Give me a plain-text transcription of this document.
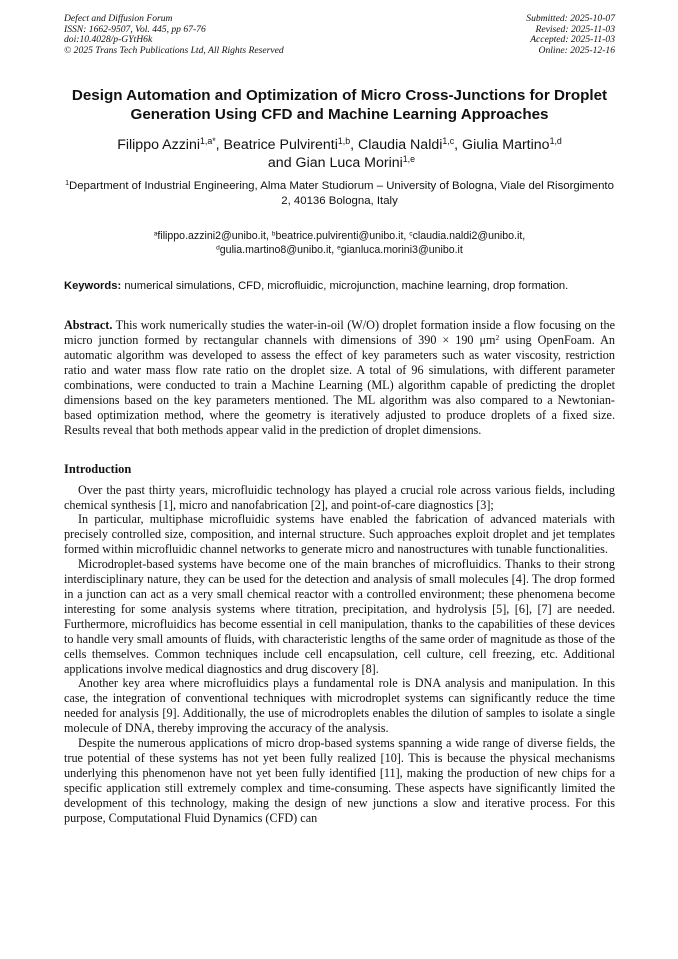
Defect and Diffusion Forum
ISSN: 1662-9507, Vol. 445, pp 67-76
doi:10.4028/p-GYtH6k
© 2025 Trans Tech Publications Ltd, All Rights Reserved
Submitted: 2025-10-07
Revised: 2025-11-03
Accepted: 2025-11-03
Online: 2025-12-16
Design Automation and Optimization of Micro Cross-Junctions for Droplet Generation Using CFD and Machine Learning Approaches
Filippo Azzini$^{1,a*}$, Beatrice Pulvirenti$^{1,b}$, Claudia Naldi$^{1,c}$, Giulia Martino$^{1,d}$
and Gian Luca Morini$^{1,e}$
$^1$Department of Industrial Engineering, Alma Mater Studiorum – University of Bologna, Viale del Risorgimento 2, 40136 Bologna, Italy
$^a$filippo.azzini2@unibo.it, $^b$beatrice.pulvirenti@unibo.it, $^c$claudia.naldi2@unibo.it,
$^d$gulia.martino8@unibo.it, $^e$gianluca.morini3@unibo.it
Keywords: numerical simulations, CFD, microfluidic, microjunction, machine learning, drop formation.
Abstract. This work numerically studies the water-in-oil (W/O) droplet formation inside a flow focusing on the micro junction formed by rectangular channels with dimensions of 390 × 190 $\mu m^2$ using OpenFoam. An automatic algorithm was developed to assess the effect of key parameters such as water viscosity, restriction ratio and water mass flow rate ratio on the droplet size. A total of 96 simulations, with different parameter combinations, were conducted to train a Machine Learning (ML) algorithm capable of predicting the droplet dimensions based on the key parameters mentioned. The ML algorithm was also compared to a Newtonian-based optimization method, where the geometry is iteratively adjusted to produce droplets of a fixed size. Results reveal that both methods appear valid in the prediction of droplet dimensions.
Introduction

Over the past thirty years, microfluidic technology has played a crucial role across various fields, including chemical synthesis [1], micro and nanofabrication [2], and point-of-care diagnostics [3];

In particular, multiphase microfluidic systems have enabled the fabrication of advanced materials with precisely controlled size, composition, and internal structure. Such approaches exploit droplet and jet templates formed within microfluidic channel networks to generate micro and nanostructures with tunable functionalities.

Microdroplet-based systems have become one of the main branches of microfluidics. Thanks to their strong interdisciplinary nature, they can be used for the detection and analysis of small molecules [4]. The drop formed in a junction can act as a very small chemical reactor with a controlled environment; these phenomena become interesting for some analysis systems where titration, precipitation, and hydrolysis [5], [6], [7] are needed. Furthermore, microfluidics has become essential in cell manipulation, thanks to the capabilities of these devices to handle very small amounts of fluids, with characteristic lengths of the same order of magnitude as those of the cells themselves. Common techniques include cell encapsulation, cell culture, cell freezing, etc. Additional applications involve medical diagnostics and drug discovery [8].

Another key area where microfluidics plays a fundamental role is DNA analysis and manipulation. In this case, the integration of conventional techniques with microdroplet systems can significantly reduce the time needed for analysis [9]. Additionally, the use of microdroplets enables the dilution of samples to isolate a single molecule of DNA, thereby improving the accuracy of the analysis.

Despite the numerous applications of micro drop-based systems spanning a wide range of diverse fields, the true potential of these systems has not yet been fully realized [10]. This is because the physical mechanisms underlying this phenomenon have not yet been fully identified [11], making the production of new chips for a specific application still extremely complex and time-consuming. These aspects have significantly limited the development of this technology, making the design of new junctions a slow and iterative process. For this purpose, Computational Fluid Dynamics (CFD) can
